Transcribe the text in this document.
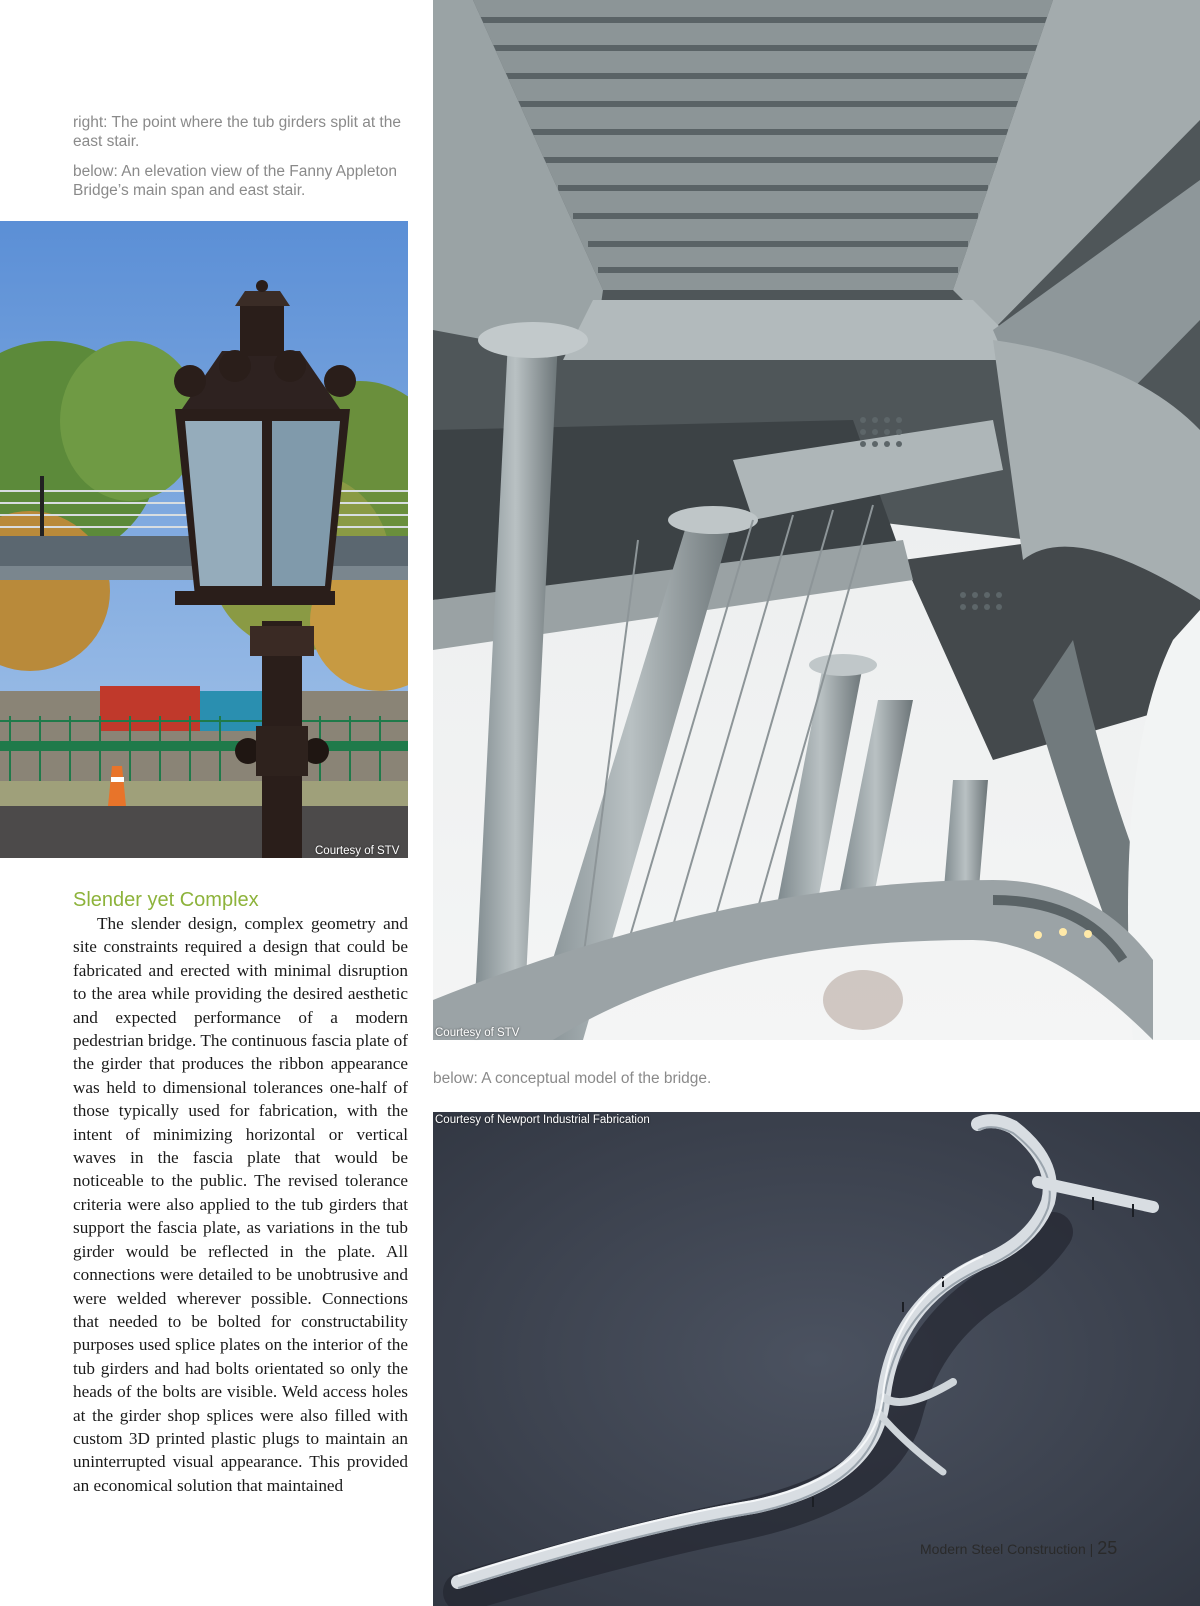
right: The point where the tub girders split at the east stair.
below: An elevation view of the Fanny Appleton Bridge’s main span and east stair.
Courtesy of STV
Courtesy of STV
below: A conceptual model of the bridge.
Courtesy of Newport Industrial Fabrication
Slender yet Complex

The slender design, complex geometry and site constraints required a design that could be fabricated and erected with minimal disruption to the area while providing the desired aesthetic and expected performance of a modern pedestrian bridge. The continuous fascia plate of the girder that produces the ribbon appearance was held to dimensional tolerances one-half of those typically used for fabrication, with the intent of minimizing horizontal or vertical waves in the fascia plate that would be noticeable to the public. The revised tolerance criteria were also applied to the tub girders that support the fascia plate, as variations in the tub girder would be reflected in the plate. All connections were detailed to be unobtrusive and were welded wherever possible. Connections that needed to be bolted for constructability purposes used splice plates on the interior of the tub girders and had bolts orientated so only the heads of the bolts are visible. Weld access holes at the girder shop splices were also filled with custom 3D printed plastic plugs to maintain an uninterrupted visual appearance. This provided an economical solution that maintained

Modern Steel Construction | 25
